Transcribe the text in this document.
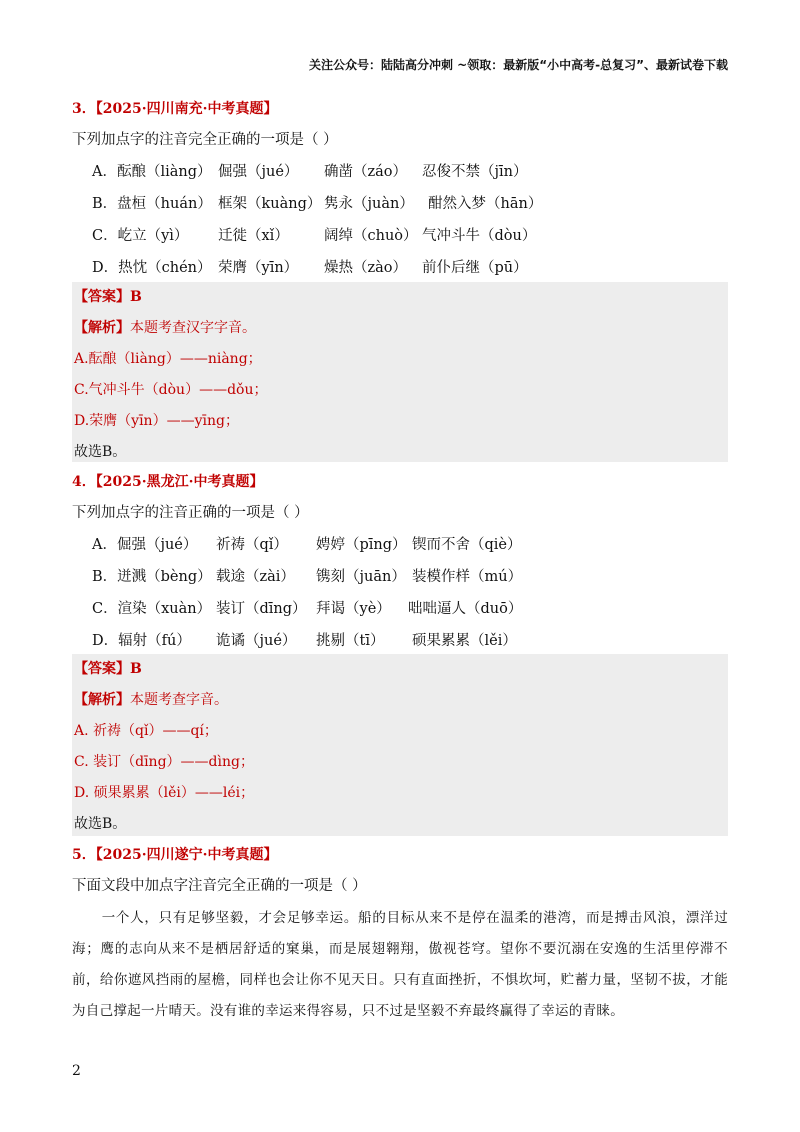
关注公众号：陆陆高分冲刺 ~领取：最新版“小中高考-总复习”、最新试卷下载
3．【2025·四川南充·中考真题】
下列加点字的注音完全正确的一项是（ ）
A．酝酿（liàng） 倔强（jué） 确凿（záo） 忍俊不禁（jīn）
B．盘桓（huán） 框架（kuàng） 隽永（juàn） 酣然入梦（hān）
C．屹立（yì） 迁徙（xǐ） 阔绰（chuò） 气冲斗牛（dòu）
D．热忱（chén） 荣膺（yīn） 燥热（zào） 前仆后继（pū）
【答案】B
【解析】本题考查汉字字音。
A.酝酿（liàng）——niàng；
C.气冲斗牛（dòu）——dǒu；
D.荣膺（yīn）——yīng；
故选B。
4．【2025·黑龙江·中考真题】
下列加点字的注音正确的一项是（ ）
A．倔强（jué） 祈祷（qǐ） 娉婷（pīng） 锲而不舍（qiè）
B．迸溅（bèng） 载途（zài） 镌刻（juān） 装模作样（mú）
C．渲染（xuàn） 装订（dīng） 拜谒（yè） 咄咄逼人（duō）
D．辐射（fú） 诡谲（jué） 挑剔（tī） 硕果累累（lěi）
【答案】B
【解析】本题考查字音。
A. 祈祷（qǐ）——qí；
C. 装订（dīng）——dìng；
D. 硕果累累（lěi）——léi；
故选B。
5．【2025·四川遂宁·中考真题】
下面文段中加点字注音完全正确的一项是（ ）

一个人，只有足够坚毅，才会足够幸运。船的目标从来不是停在温柔的港湾，而是搏击风浪，漂洋过海；鹰的志向从来不是栖居舒适的窠巢，而是展翅翱翔，傲视苍穹。望你不要沉溺在安逸的生活里停滞不前，给你遮风挡雨的屋檐，同样也会让你不见天日。只有直面挫折，不惧坎坷，贮蓄力量，坚韧不拔，才能为自己撑起一片晴天。没有谁的幸运来得容易，只不过是坚毅不弃最终赢得了幸运的青睐。

2
